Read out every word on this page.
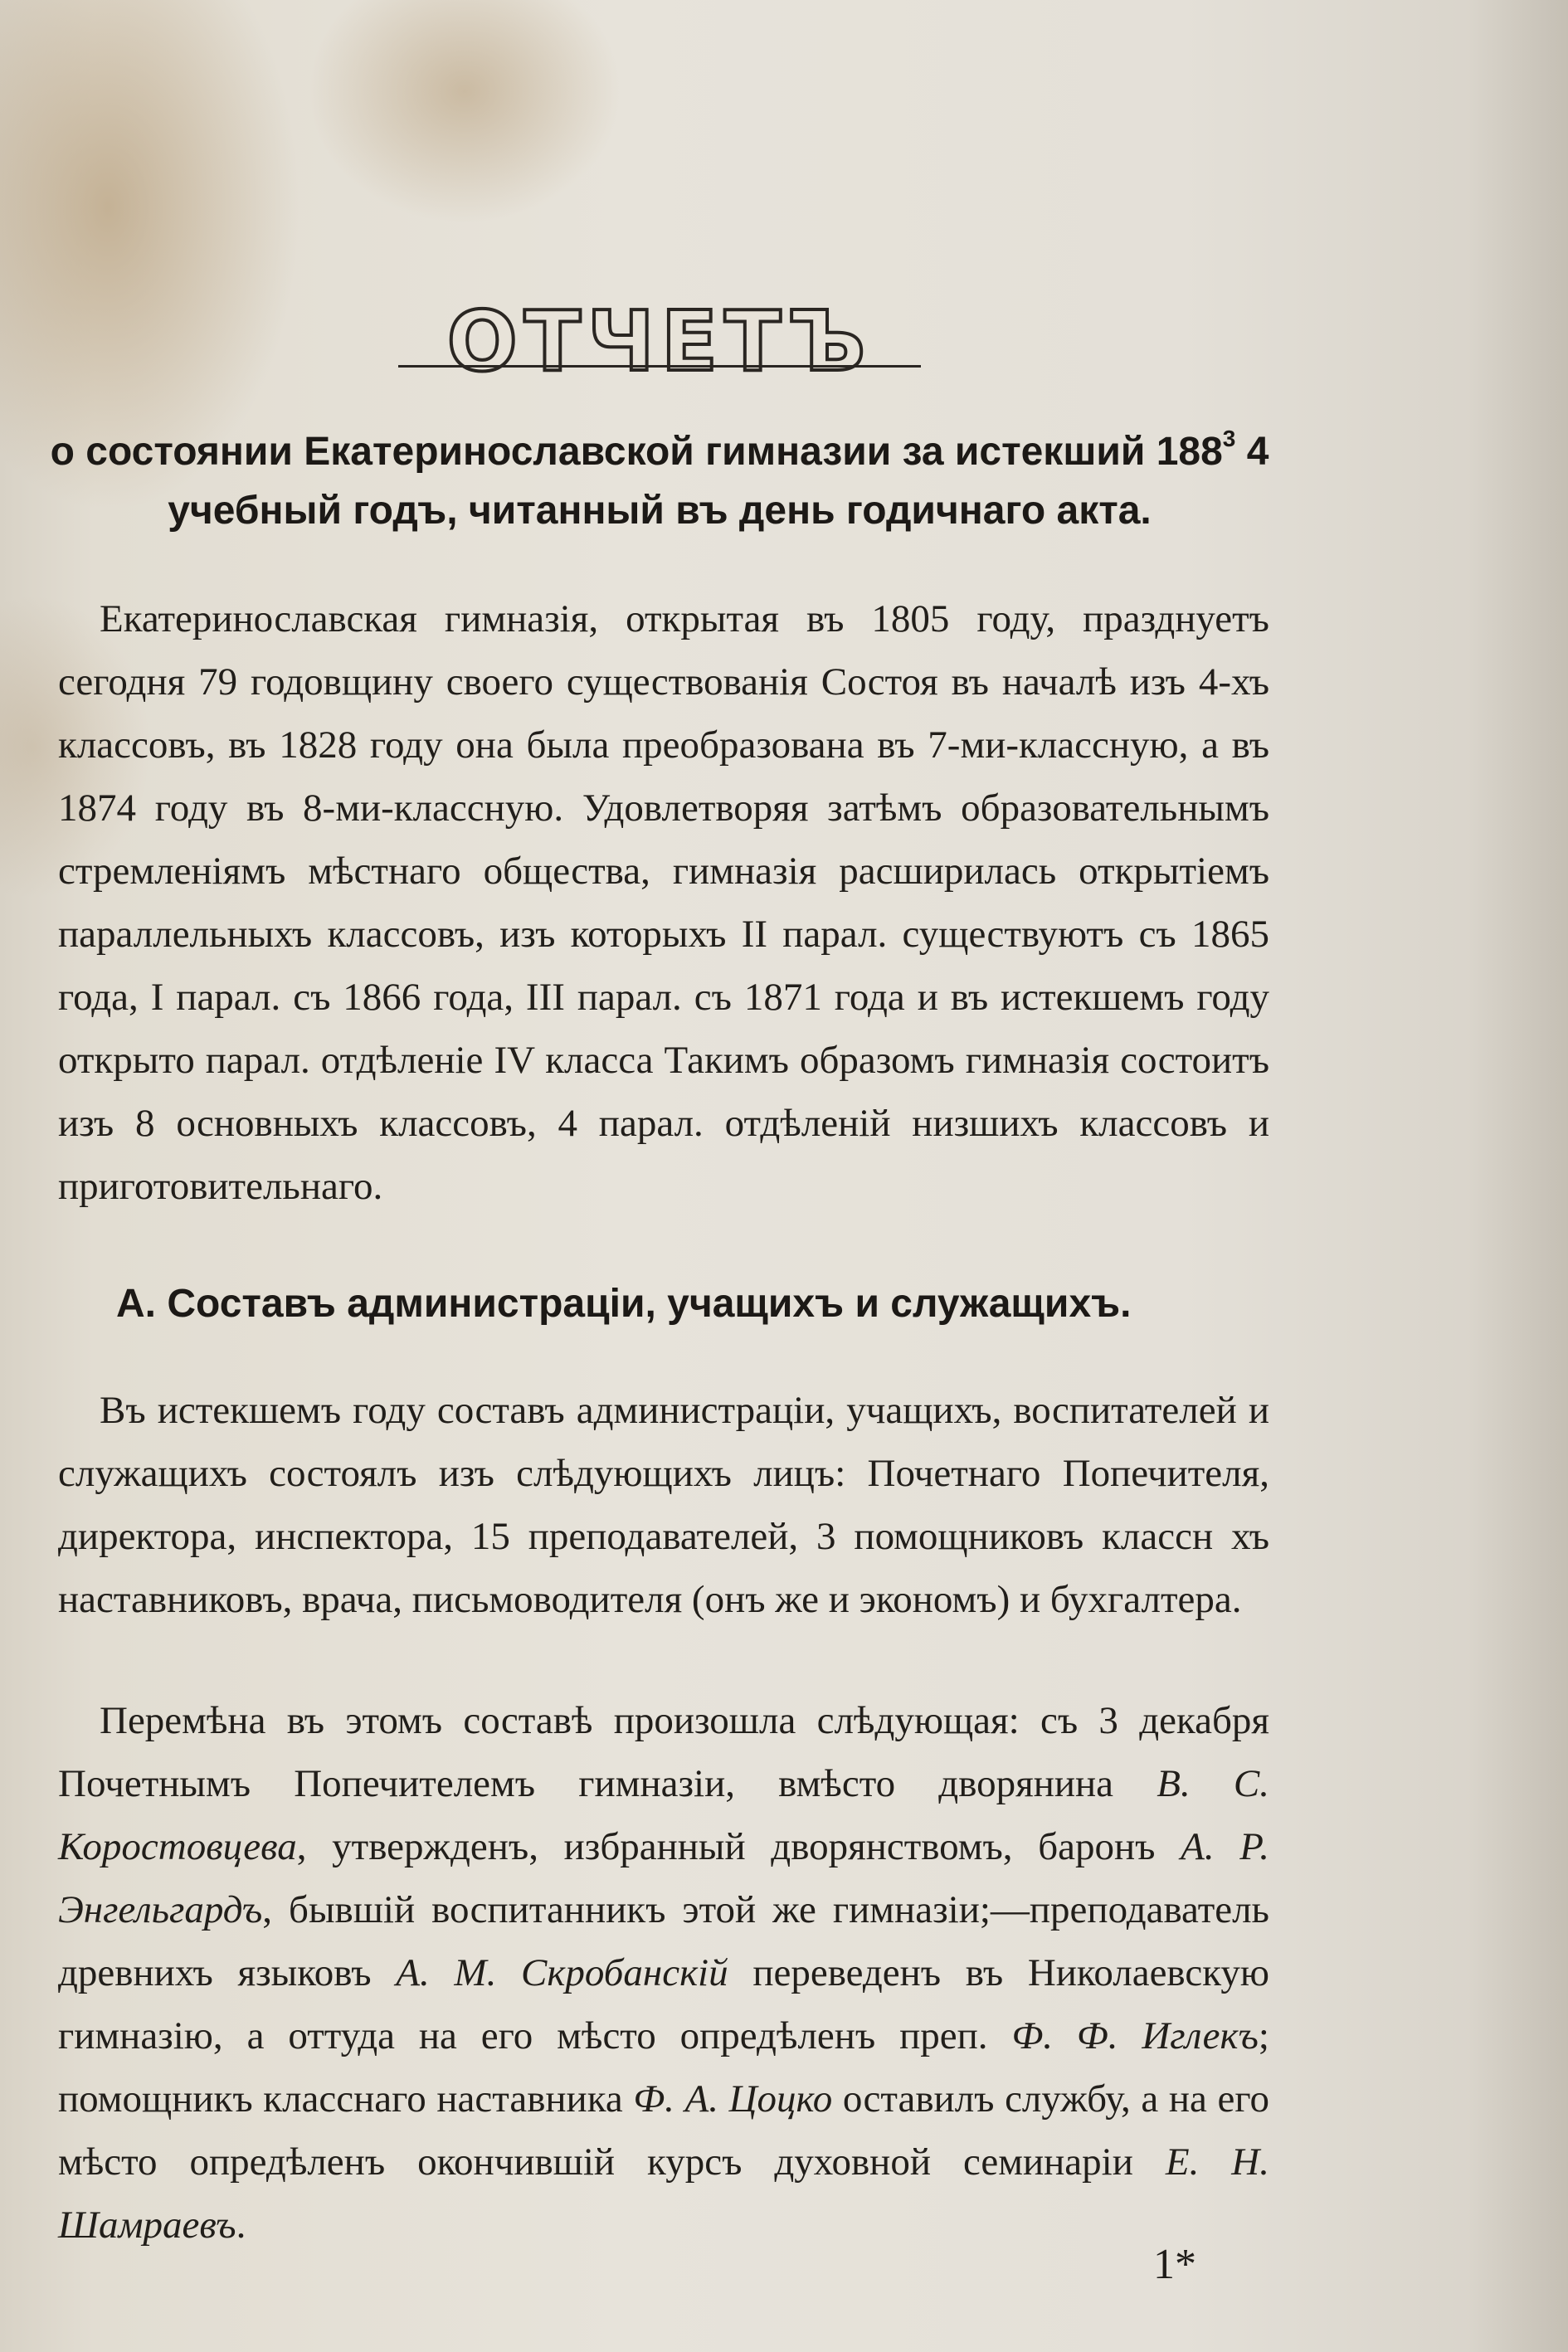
ОТЧЕТЪ
о состоянии Екатеринославской гимназии за истекший $188^3$ 4
учебный годъ, читанный въ день годичнаго акта.
Екатеринославская гимназія, открытая въ 1805 году, празднуетъ сегодня 79 годовщину своего существованія Состоя въ началѣ изъ 4-хъ классовъ, въ 1828 году она была преобразована въ 7-ми-классную, а въ 1874 году въ 8-ми-классную. Удовлетворяя затѣмъ образовательнымъ стремленіямъ мѣстнаго общества, гимназія расширилась открытіемъ параллельныхъ классовъ, изъ которыхъ II парал. существуютъ съ 1865 года, I парал. съ 1866 года, III парал. съ 1871 года и въ истекшемъ году открыто парал. отдѣленіе IV класса Такимъ образомъ гимназія состоитъ изъ 8 основныхъ классовъ, 4 парал. отдѣленій низшихъ классовъ и приготовительнаго.
А. Составъ администраціи, учащихъ и служащихъ.
Въ истекшемъ году составъ администраціи, учащихъ, воспитателей и служащихъ состоялъ изъ слѣдующихъ лицъ: Почетнаго Попечителя, директора, инспектора, 15 преподавателей, 3 помощниковъ классн хъ наставниковъ, врача, письмоводителя (онъ же и экономъ) и бухгалтера.
Перемѣна въ этомъ составѣ произошла слѣдующая: съ 3 декабря Почетнымъ Попечителемъ гимназіи, вмѣсто дворянина В. С. Коростовцева, утвержденъ, избранный дворянствомъ, баронъ А. Р. Энгельгардъ, бывшій воспитанникъ этой же гимназіи;—преподаватель древнихъ языковъ А. М. Скробанскій переведенъ въ Николаевскую гимназію, а оттуда на его мѣсто опредѣленъ преп. Ф. Ф. Иглекъ; помощникъ класснаго наставника Ф. А. Цоцко оставилъ службу, а на его мѣсто опредѣленъ окончившій курсъ духовной семинаріи Е. Н. Шамраевъ.
1*
